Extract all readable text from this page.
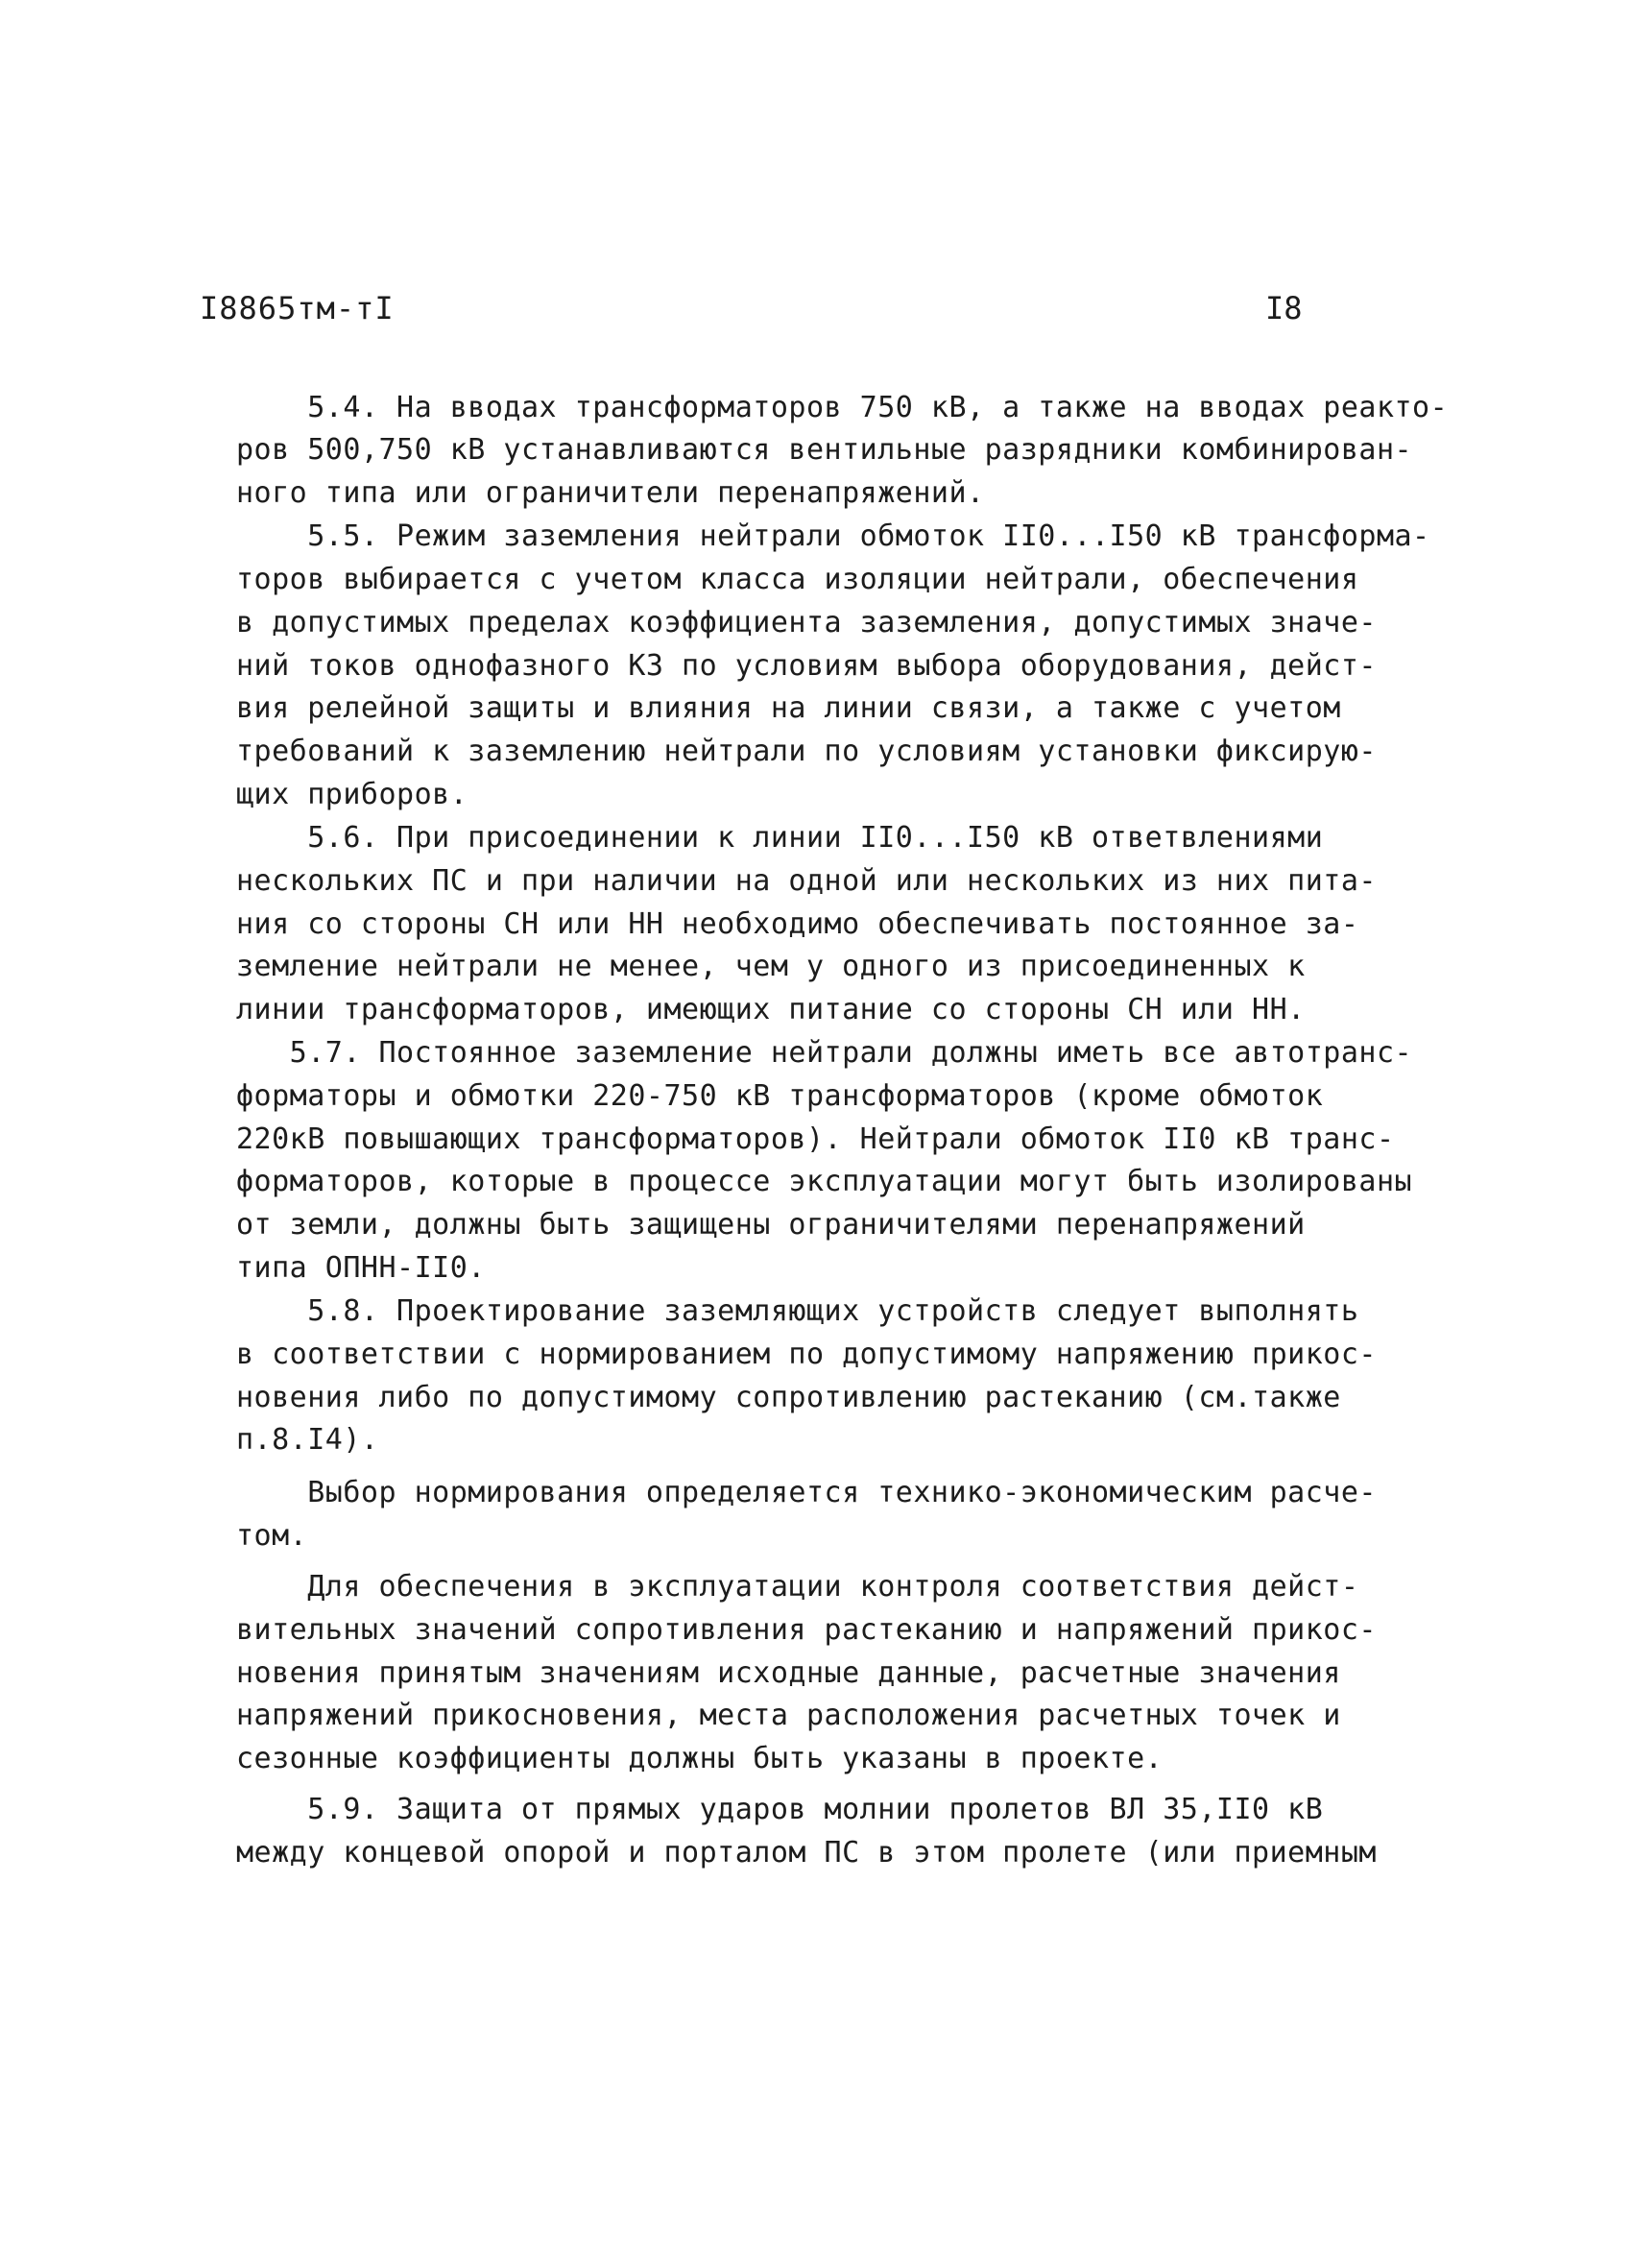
I8865тм-тI	I8
5.4. На вводах трансформаторов 750 кВ, а также на вводах реакто-
ров 500,750 кВ устанавливаются вентильные разрядники комбинирован-
ного типа или ограничители перенапряжений.
5.5. Режим заземления нейтрали обмоток II0...I50 кВ трансформа-
торов выбирается с учетом класса изоляции нейтрали, обеспечения
в допустимых пределах коэффициента заземления, допустимых значе-
ний токов однофазного КЗ по условиям выбора оборудования, дейст-
вия релейной защиты и влияния на линии связи, а также с учетом
требований к заземлению нейтрали по условиям установки фиксирую-
щих приборов.
5.6. При присоединении к линии II0...I50 кВ ответвлениями
нескольких ПС и при наличии на одной или нескольких из них пита-
ния со стороны СН или НН необходимо обеспечивать постоянное за-
земление нейтрали не менее, чем у одного из присоединенных к
линии трансформаторов, имеющих питание со стороны СН или НН.
5.7. Постоянное заземление нейтрали должны иметь все автотранс-
форматоры и обмотки 220-750 кВ трансформаторов (кроме обмоток
220кВ повышающих трансформаторов). Нейтрали обмоток II0 кВ транс-
форматоров, которые в процессе эксплуатации могут быть изолированы
от земли, должны быть защищены ограничителями перенапряжений
типа ОПНН-II0.
5.8. Проектирование заземляющих устройств следует выполнять
в соответствии с нормированием по допустимому напряжению прикос-
новения либо по допустимому сопротивлению растеканию (см.также
п.8.I4).
Выбор нормирования определяется технико-экономическим расче-
том.
Для обеспечения в эксплуатации контроля соответствия дейст-
вительных значений сопротивления растеканию и напряжений прикос-
новения принятым значениям исходные данные, расчетные значения
напряжений прикосновения, места расположения расчетных точек и
сезонные коэффициенты должны быть указаны в проекте.
5.9. Защита от прямых ударов молнии пролетов ВЛ 35,II0 кВ
между концевой опорой и порталом ПС в этом пролете (или приемным
